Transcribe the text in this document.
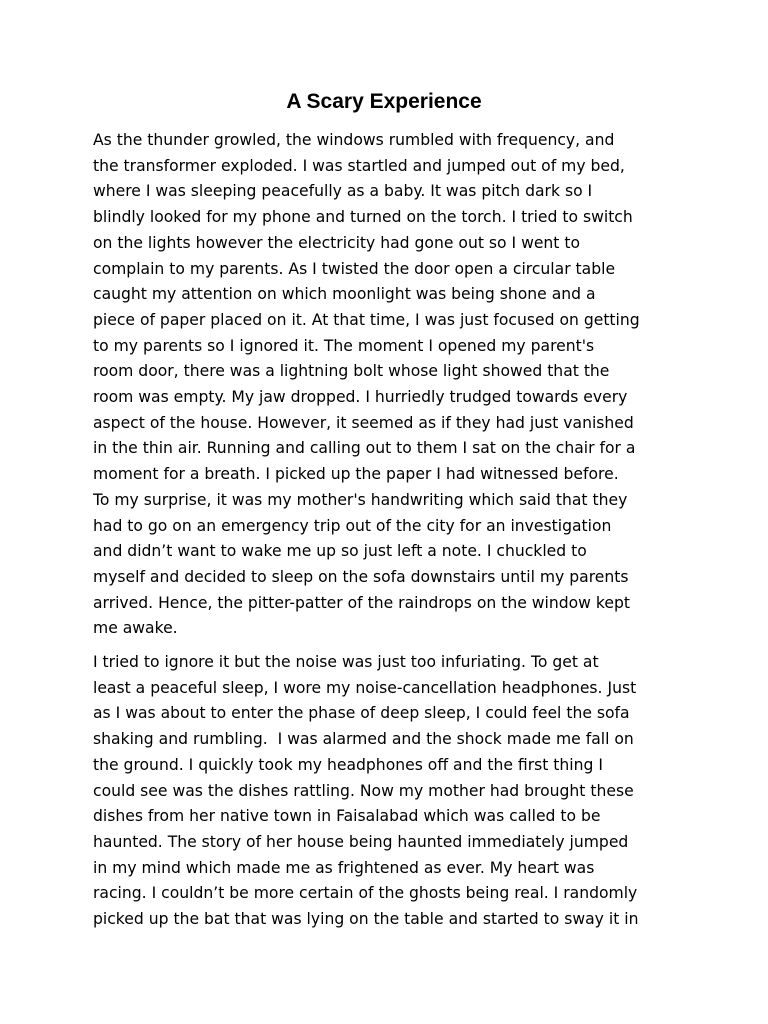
A Scary Experience
As the thunder growled, the windows rumbled with frequency, and
the transformer exploded. I was startled and jumped out of my bed,
where I was sleeping peacefully as a baby. It was pitch dark so I
blindly looked for my phone and turned on the torch. I tried to switch
on the lights however the electricity had gone out so I went to
complain to my parents. As I twisted the door open a circular table
caught my attention on which moonlight was being shone and a
piece of paper placed on it. At that time, I was just focused on getting
to my parents so I ignored it. The moment I opened my parent's
room door, there was a lightning bolt whose light showed that the
room was empty. My jaw dropped. I hurriedly trudged towards every
aspect of the house. However, it seemed as if they had just vanished
in the thin air. Running and calling out to them I sat on the chair for a
moment for a breath. I picked up the paper I had witnessed before.
To my surprise, it was my mother's handwriting which said that they
had to go on an emergency trip out of the city for an investigation
and didn’t want to wake me up so just left a note. I chuckled to
myself and decided to sleep on the sofa downstairs until my parents
arrived. Hence, the pitter-patter of the raindrops on the window kept
me awake.
I tried to ignore it but the noise was just too infuriating. To get at
least a peaceful sleep, I wore my noise-cancellation headphones. Just
as I was about to enter the phase of deep sleep, I could feel the sofa
shaking and rumbling.  I was alarmed and the shock made me fall on
the ground. I quickly took my headphones off and the first thing I
could see was the dishes rattling. Now my mother had brought these
dishes from her native town in Faisalabad which was called to be
haunted. The story of her house being haunted immediately jumped
in my mind which made me as frightened as ever. My heart was
racing. I couldn’t be more certain of the ghosts being real. I randomly
picked up the bat that was lying on the table and started to sway it in
